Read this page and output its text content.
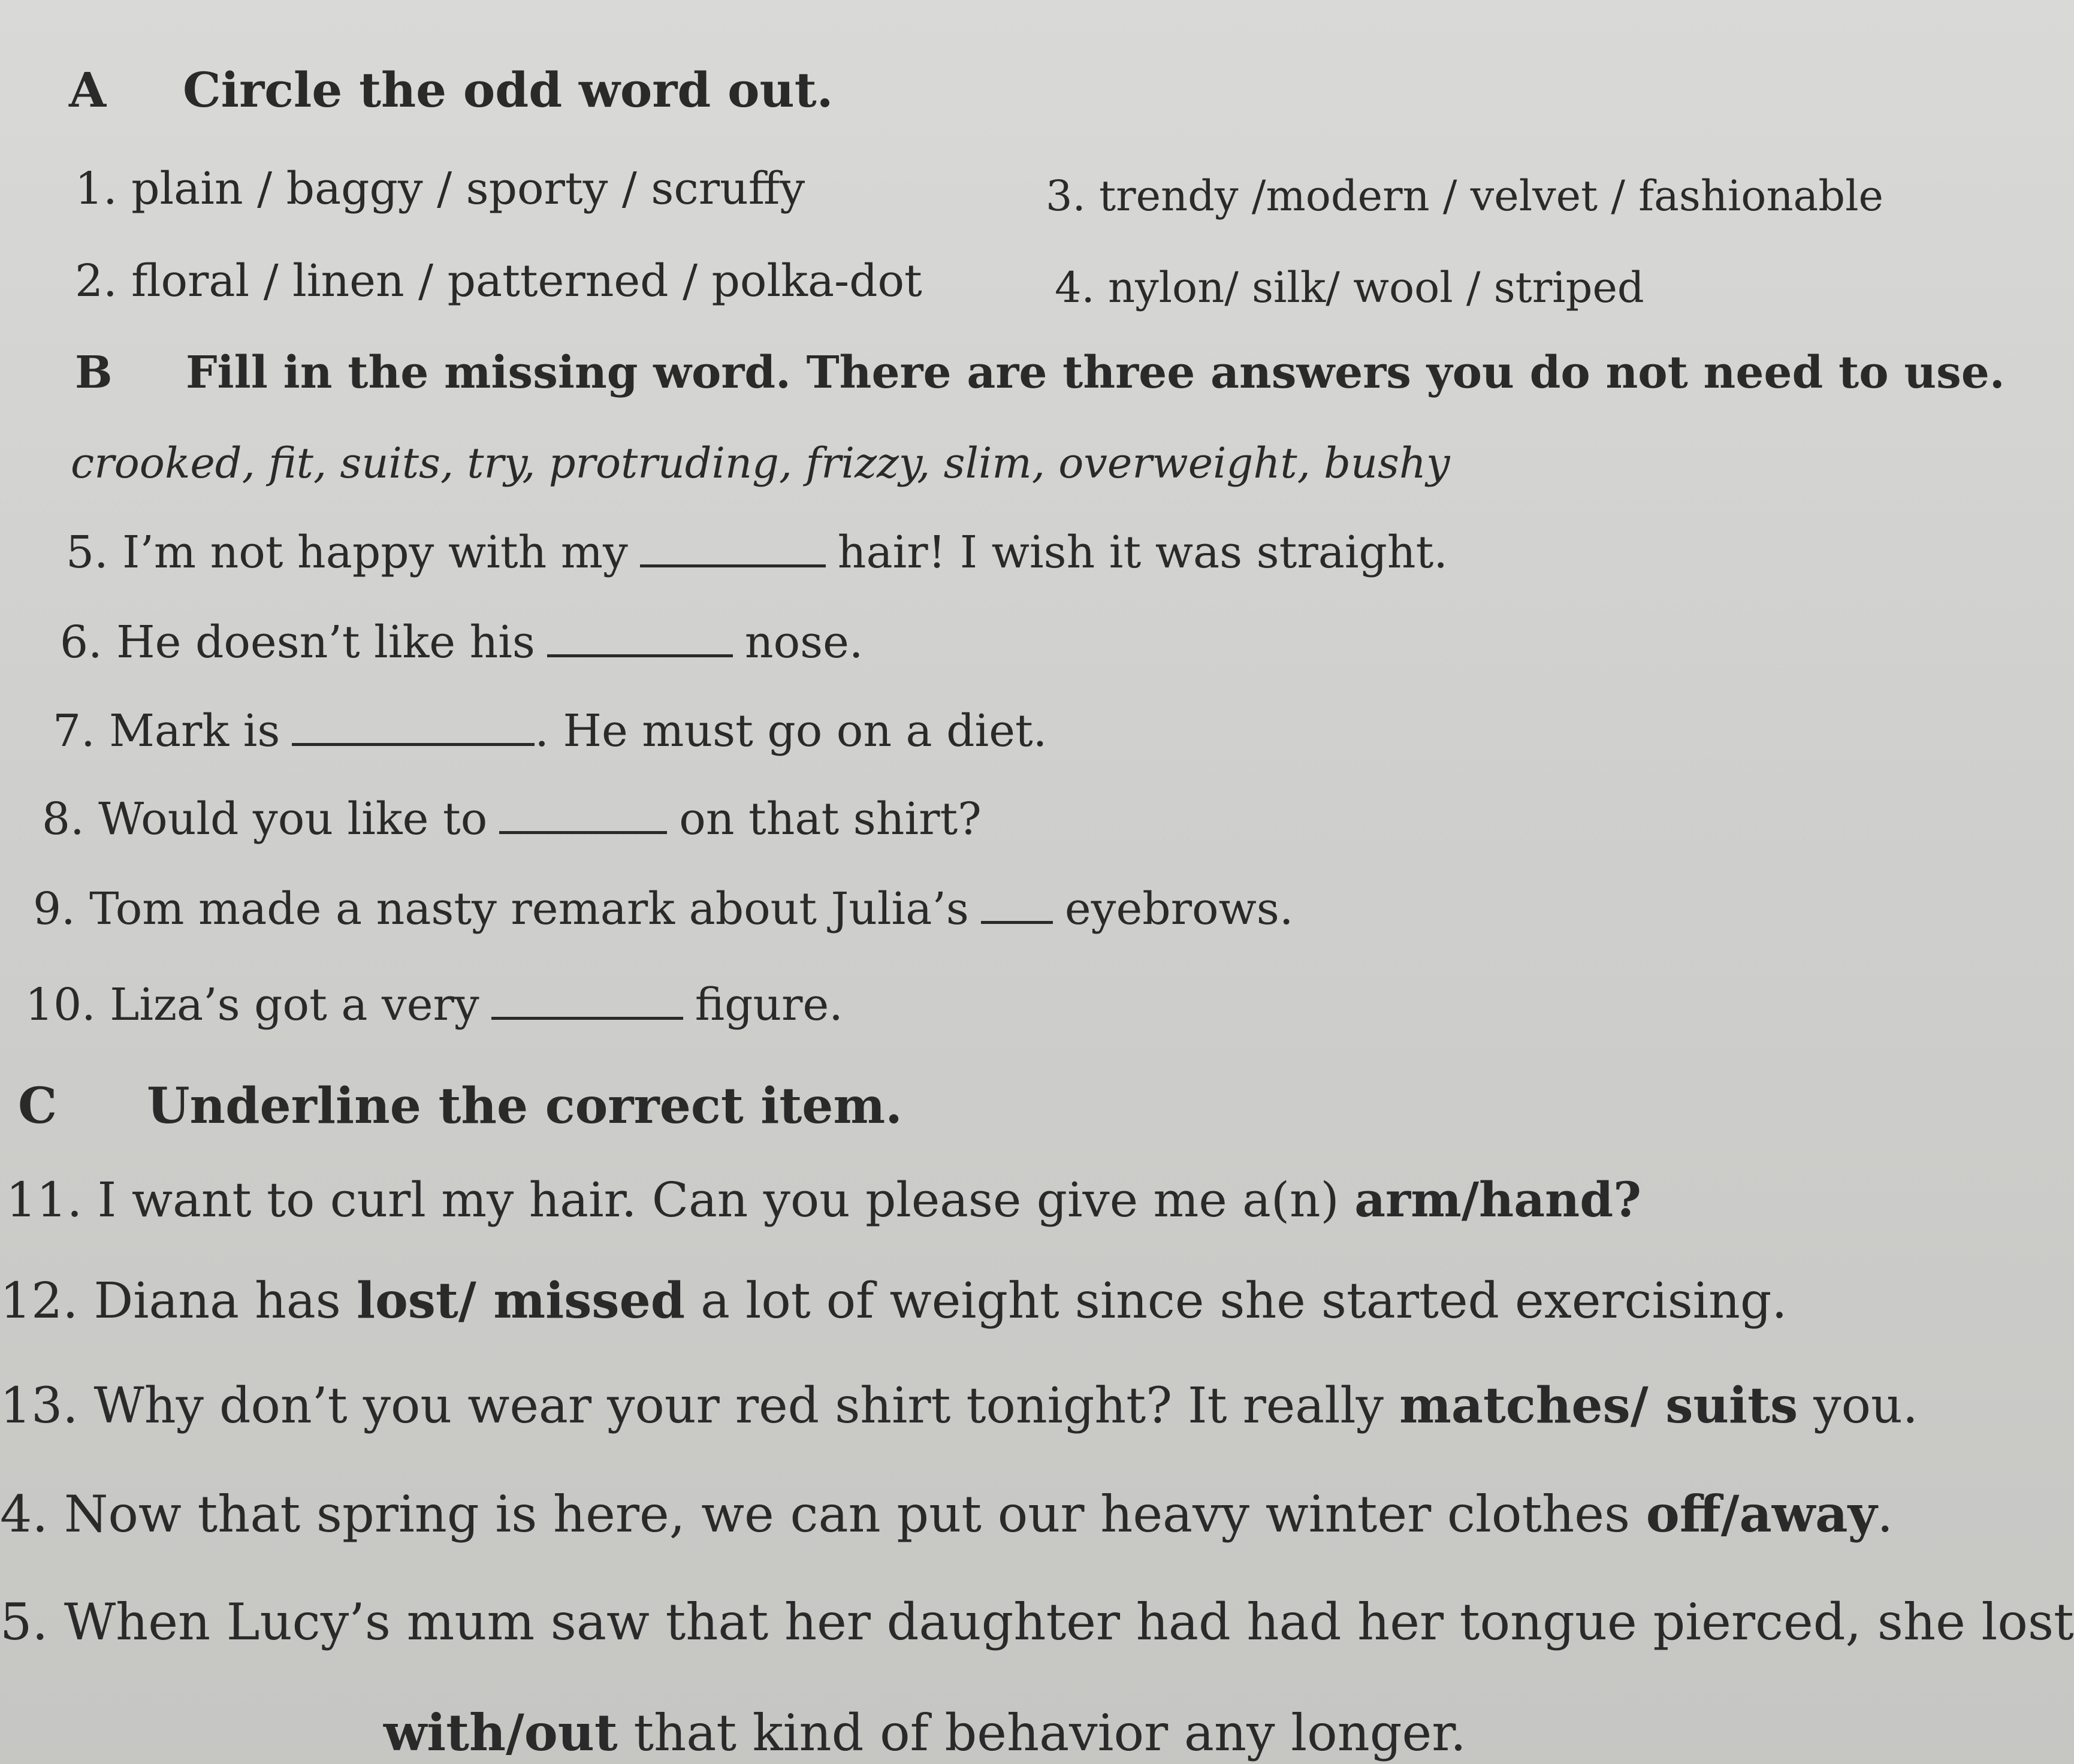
A Circle the odd word out.
1. plain / baggy / sporty / scruffy
2. floral / linen / patterned / polka-dot
3. trendy /modern / velvet / fashionable
4. nylon/ silk/ wool / striped
B Fill in the missing word. There are three answers you do not need to use.
crooked, fit, suits, try, protruding, frizzy, slim, overweight, bushy
5. I’m not happy with my	hair! I wish it was straight.
6. He doesn’t like his	nose.
7. Mark is	. He must go on a diet.
8. Would you like to	on that shirt?
9. Tom made a nasty remark about Julia’s eyebrows.
10. Liza’s got a very	figure.
C Underline the correct item.
11. I want to curl my hair. Can you please give me a(n) arm/hand?
12. Diana has lost/ missed a lot of weight since she started exercising.
13. Why don’t you wear your red shirt tonight? It really matches/ suits you.
4. Now that spring is here, we can put our heavy winter clothes off/away.
5. When Lucy’s mum saw that her daughter had had her tongue pierced, she lost
with/out that kind of behavior any longer.
